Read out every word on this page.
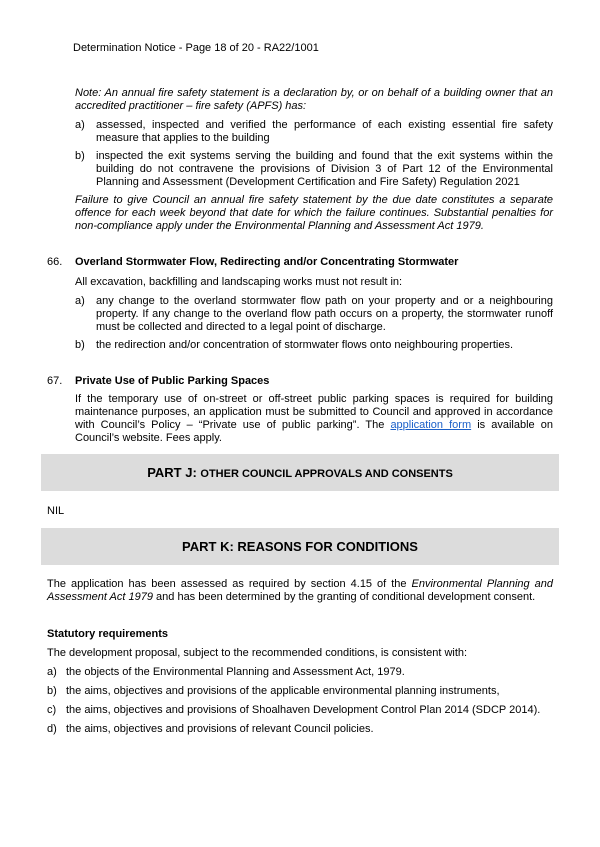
Determination Notice - Page 18 of 20 - RA22/1001
Note: An annual fire safety statement is a declaration by, or on behalf of a building owner that an accredited practitioner – fire safety (APFS) has:
a) assessed, inspected and verified the performance of each existing essential fire safety measure that applies to the building
b) inspected the exit systems serving the building and found that the exit systems within the building do not contravene the provisions of Division 3 of Part 12 of the Environmental Planning and Assessment (Development Certification and Fire Safety) Regulation 2021
Failure to give Council an annual fire safety statement by the due date constitutes a separate offence for each week beyond that date for which the failure continues. Substantial penalties for non-compliance apply under the Environmental Planning and Assessment Act 1979.
66. Overland Stormwater Flow, Redirecting and/or Concentrating Stormwater
All excavation, backfilling and landscaping works must not result in:
a) any change to the overland stormwater flow path on your property and or a neighbouring property. If any change to the overland flow path occurs on a property, the stormwater runoff must be collected and directed to a legal point of discharge.
b) the redirection and/or concentration of stormwater flows onto neighbouring properties.
67. Private Use of Public Parking Spaces
If the temporary use of on-street or off-street public parking spaces is required for building maintenance purposes, an application must be submitted to Council and approved in accordance with Council’s Policy – “Private use of public parking”. The application form is available on Council’s website. Fees apply.
PART J: OTHER COUNCIL APPROVALS AND CONSENTS
NIL
PART K: REASONS FOR CONDITIONS
The application has been assessed as required by section 4.15 of the Environmental Planning and Assessment Act 1979 and has been determined by the granting of conditional development consent.
Statutory requirements
The development proposal, subject to the recommended conditions, is consistent with:
a) the objects of the Environmental Planning and Assessment Act, 1979.
b) the aims, objectives and provisions of the applicable environmental planning instruments,
c) the aims, objectives and provisions of Shoalhaven Development Control Plan 2014 (SDCP 2014).
d) the aims, objectives and provisions of relevant Council policies.
